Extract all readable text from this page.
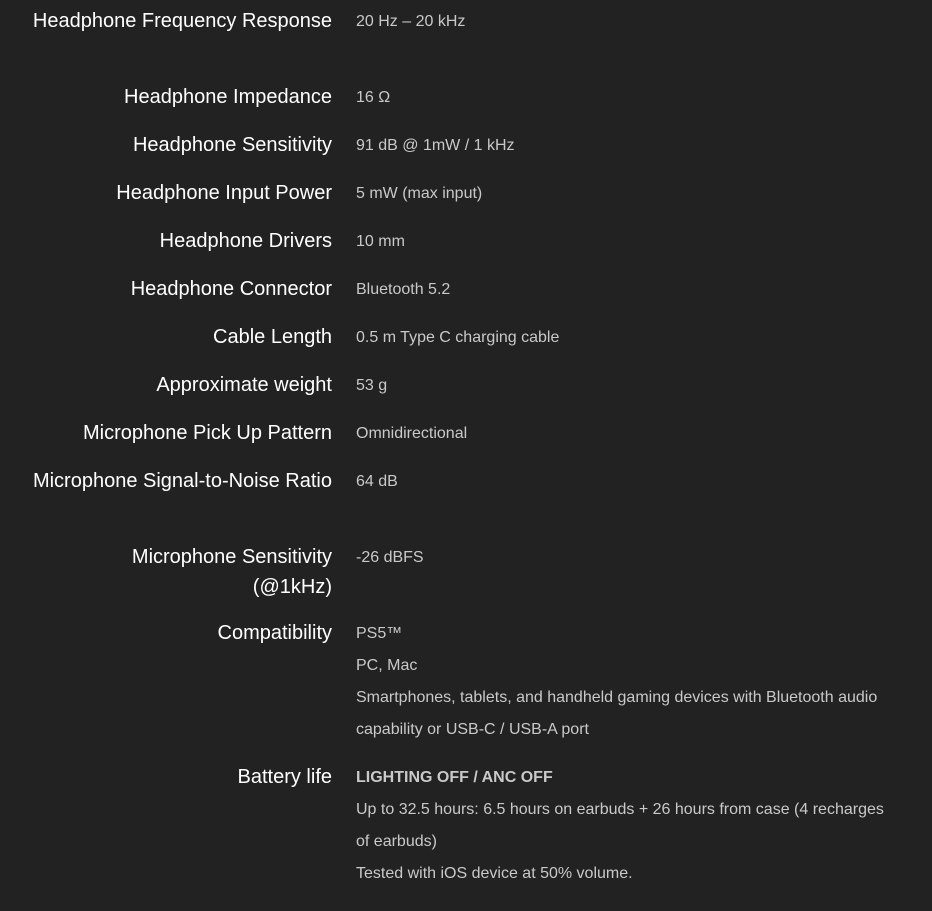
Headphone Frequency Response 20 Hz – 20 kHz
Headphone Impedance 16 Ω
Headphone Sensitivity 91 dB @ 1mW / 1 kHz
Headphone Input Power 5 mW (max input)
Headphone Drivers 10 mm
Headphone Connector Bluetooth 5.2
Cable Length 0.5 m Type C charging cable
Approximate weight 53 g
Microphone Pick Up Pattern Omnidirectional
Microphone Signal-to-Noise Ratio 64 dB
Microphone Sensitivity (@1kHz)
-26 dBFS
Compatibility PS5™
PC, Mac
Smartphones, tablets, and handheld gaming devices with Bluetooth audio capability or USB-C / USB-A port
Battery life LIGHTING OFF / ANC OFF
Up to 32.5 hours: 6.5 hours on earbuds + 26 hours from case (4 recharges of earbuds)
Tested with iOS device at 50% volume.
